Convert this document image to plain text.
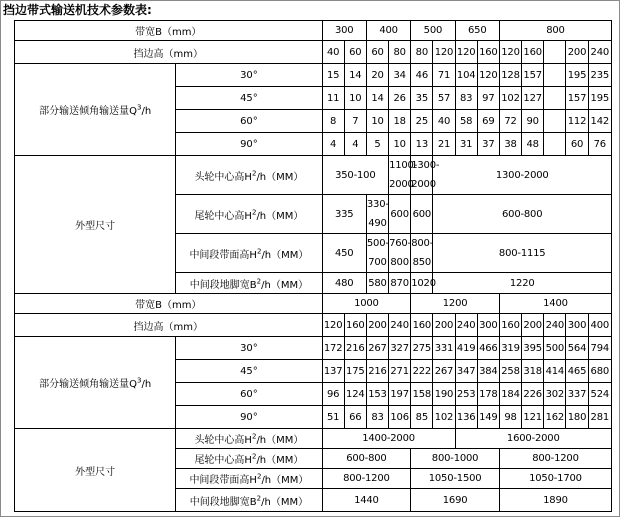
挡边带式输送机技术参数表:
带宽B（mm）		300		400		500		650		800				
挡边高（mm）		40	60	60	80	80	120	120	160	120	160		200	240
部分输送倾角输送量$Q^3/h$	30°	15	14	20	34	46	71	104	120	128	157		195	235
	45°	11	10	14	26	35	57	83	97	102	127		157	195
	60°	8	7	10	18	25	40	58	69	72	90		112	142
	90°	4	4	5	10	13	21	31	37	38	48		60	76
外型尺寸	头轮中心高$H^2/h(MM)$	350-100			1100-2000	1300-2000	1300-2000							
	尾轮中心高$H^2/h(MM)$	335		330-490	600	600	600-800							
	中间段带面高$H^2/h(MM)$	450		500-700	760-800	800-850	800-1115							
	中间段地脚宽$B^2/h(MM)$	480		580	870	1020	1220							
带宽B（mm）		1000				1200				1400				
挡边高（mm）		120	160	200	240	160	200	240	300	160	200	240	300	400
部分输送倾角输送量$Q^3/h$	30°	172	216	267	327	275	331	419	466	319	395	500	564	794
	45°	137	175	216	271	222	267	347	384	258	318	414	465	680
	60°	96	124	153	197	158	190	253	178	184	226	302	337	524
	90°	51	66	83	106	85	102	136	149	98	121	162	180	281
外型尺寸	头轮中心高$H^2/h(MM)$	1400-2000						1600-2000						
	尾轮中心高$H^2/h(MM)$	600-800				800-1000				800-1200				
	中间段带面高$H^2/h(MM)$	800-1200				1050-1500				1050-1700				
	中间段地脚宽$B^2/h(MM)$	1440				1690				1890				
